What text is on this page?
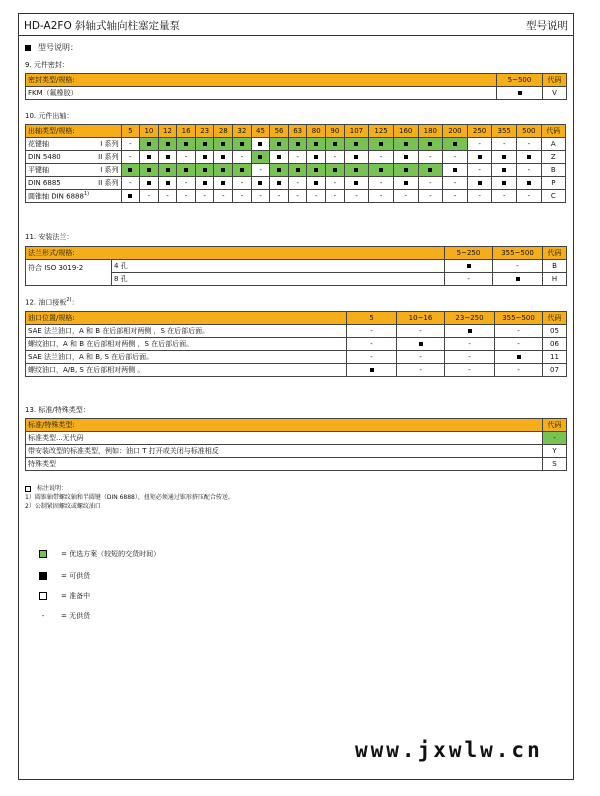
HD-A2FO 斜轴式轴向柱塞定量泵	型号说明
型号说明：
9. 元件密封：
密封类型/规格:	5~500	代码
FKM（氟橡胶）		V
10. 元件出轴：
出轴类型/规格:		5	10	12	16	23	28	32	45	56	63	80	90	107	125	160	180	200	250	355	500	代码
花键轴	I 系列	-																	-	-	-	A
DIN 5480	II 系列	-			-			-			-		-		-		-	-				Z
平键轴	I 系列								-										-		-	B
DIN 6885	II 系列	-			-			-			-		-		-		-	-				P
圆锥轴 DIN 6888$^{1)}$			-	-	-	-	-	-	-	-	-	-	-	-	-	-	-	-	-	-	-	C
11. 安装法兰：
法兰形式/规格:		5~250	355~500	代码
符合 ISO 3019-2	4 孔		-	B
	8 孔	-		H
12. 油口接板$^{2)}$：
油口位置/规格:	5	10~16	23~250	355~500	代码
SAE 法兰油口，A 和 B 在后部相对两侧 ，S 在后部后面。	-	-		-	05
螺纹油口，A 和 B 在后部相对两侧 ，S 在后部后面。	-		-	-	06
SAE 法兰油口，A 和 B, S 在后部后面。	-	-	-		11
螺纹油口，A/B, S 在后部相对两侧 。		-	-	-	07
13. 标准/特殊类型：
标准/特殊类型:	代码
标准类型...无代码	-
带安装改型的标准类型，例如：油口 T 打开或关闭与标准相反	Y
特殊类型	S
标注说明：
1）圆锥轴带螺纹轴和半圆键（DIN 6888），扭矩必须通过锥形挤压配合传送。
2）公制紧固螺纹或螺纹油口
= 优选方案（较短的交货时间）
= 可供货
= 准备中
- = 无供货
www.jxwlw.cn
